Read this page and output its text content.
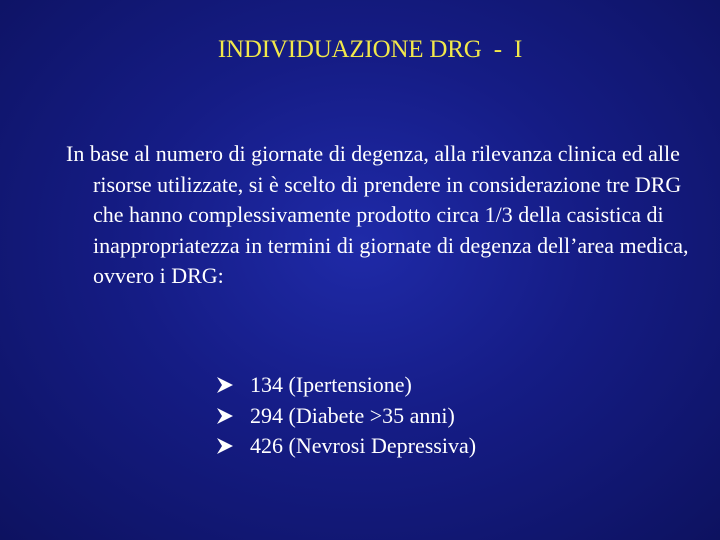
INDIVIDUAZIONE DRG  -  I
In base al numero di giornate di degenza, alla rilevanza clinica ed alle risorse utilizzate, si è scelto di prendere in considerazione tre DRG che hanno complessivamente prodotto circa 1/3 della casistica di inappropriatezza in termini di giornate di degenza dell’area medica, ovvero i DRG:
134 (Ipertensione)
294 (Diabete >35 anni)
426 (Nevrosi Depressiva)
